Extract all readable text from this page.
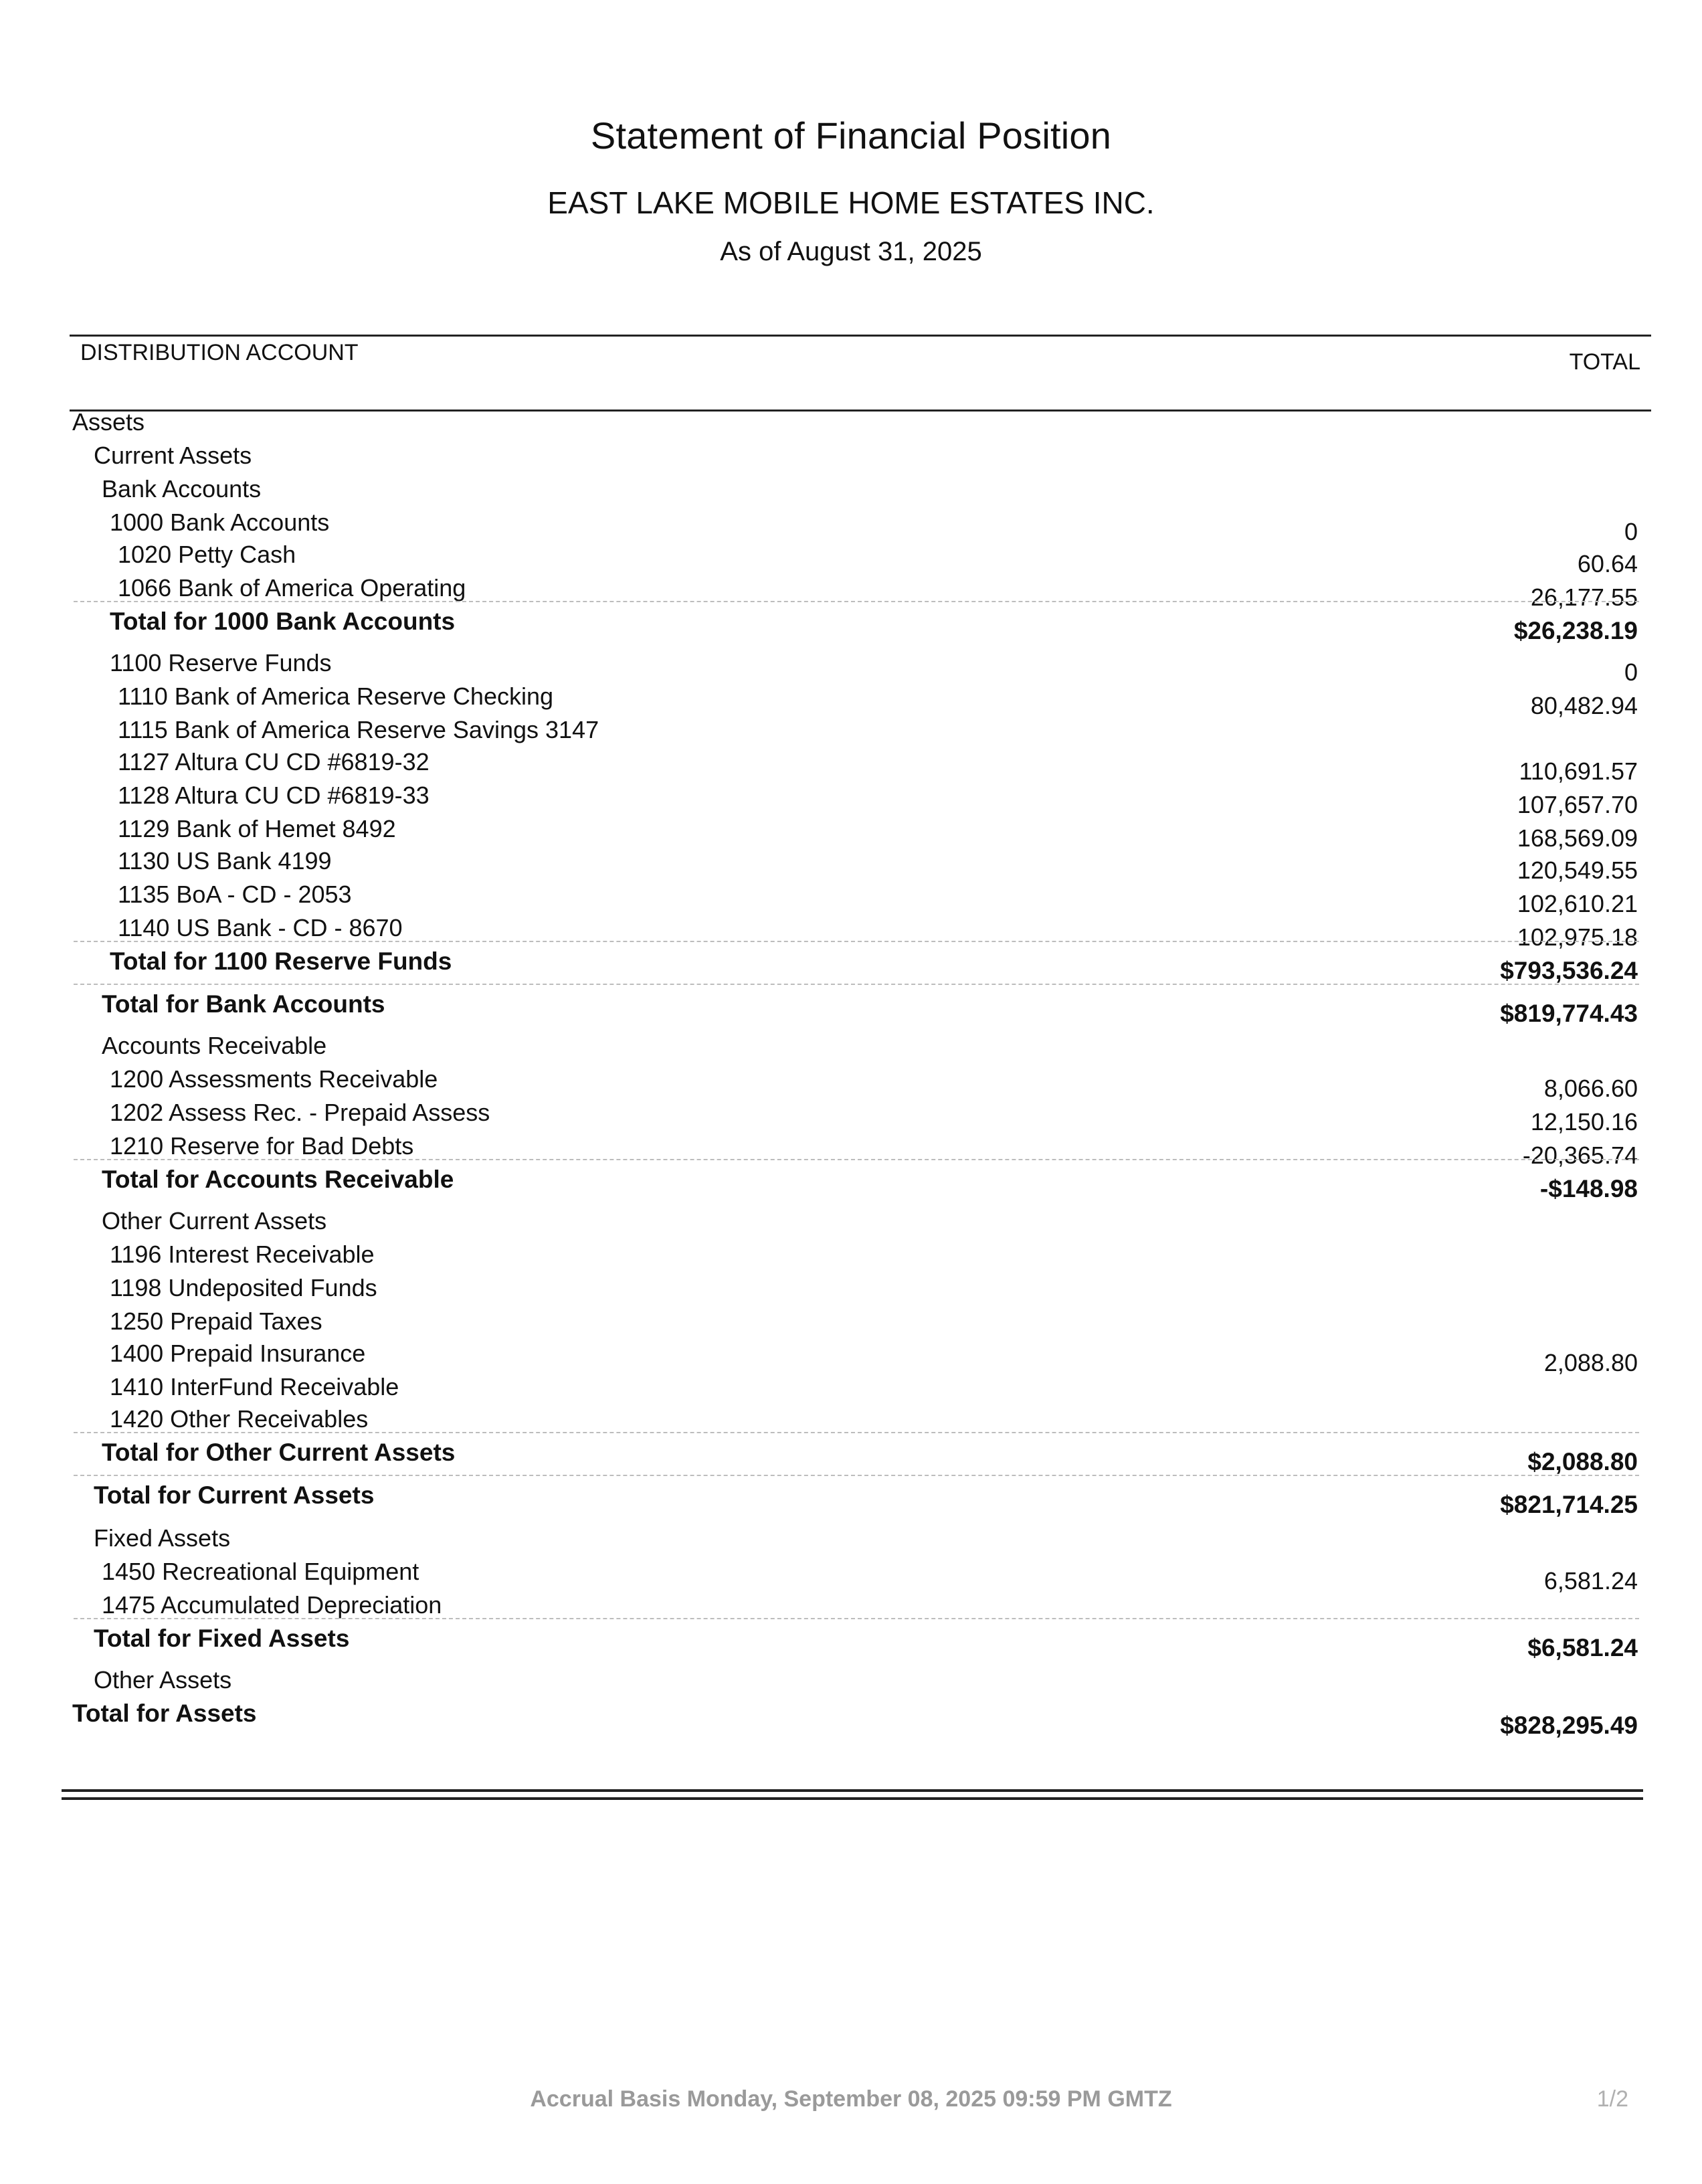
Statement of Financial Position
EAST LAKE MOBILE HOME ESTATES INC.
As of August 31, 2025
DISTRIBUTION ACCOUNT	TOTAL
Assets
Current Assets
Bank Accounts
1000 Bank Accounts	0
1020 Petty Cash	60.64
1066 Bank of America Operating	26,177.55
Total for 1000 Bank Accounts	$26,238.19
1100 Reserve Funds	0
1110 Bank of America Reserve Checking	80,482.94
1115 Bank of America Reserve Savings 3147
1127 Altura CU CD #6819-32	110,691.57
1128 Altura CU CD #6819-33	107,657.70
1129 Bank of Hemet 8492	168,569.09
1130 US Bank 4199	120,549.55
1135 BoA - CD - 2053	102,610.21
1140 US Bank - CD - 8670	102,975.18
Total for 1100 Reserve Funds	$793,536.24
Total for Bank Accounts	$819,774.43
Accounts Receivable
1200 Assessments Receivable	8,066.60
1202 Assess Rec. - Prepaid Assess	12,150.16
1210 Reserve for Bad Debts	-20,365.74
Total for Accounts Receivable	-$148.98
Other Current Assets
1196 Interest Receivable
1198 Undeposited Funds
1250 Prepaid Taxes
1400 Prepaid Insurance	2,088.80
1410 InterFund Receivable
1420 Other Receivables
Total for Other Current Assets	$2,088.80
Total for Current Assets	$821,714.25
Fixed Assets
1450 Recreational Equipment	6,581.24
1475 Accumulated Depreciation
Total for Fixed Assets	$6,581.24
Other Assets
Total for Assets	$828,295.49
Accrual Basis Monday, September 08, 2025 09:59 PM GMTZ	1/2
